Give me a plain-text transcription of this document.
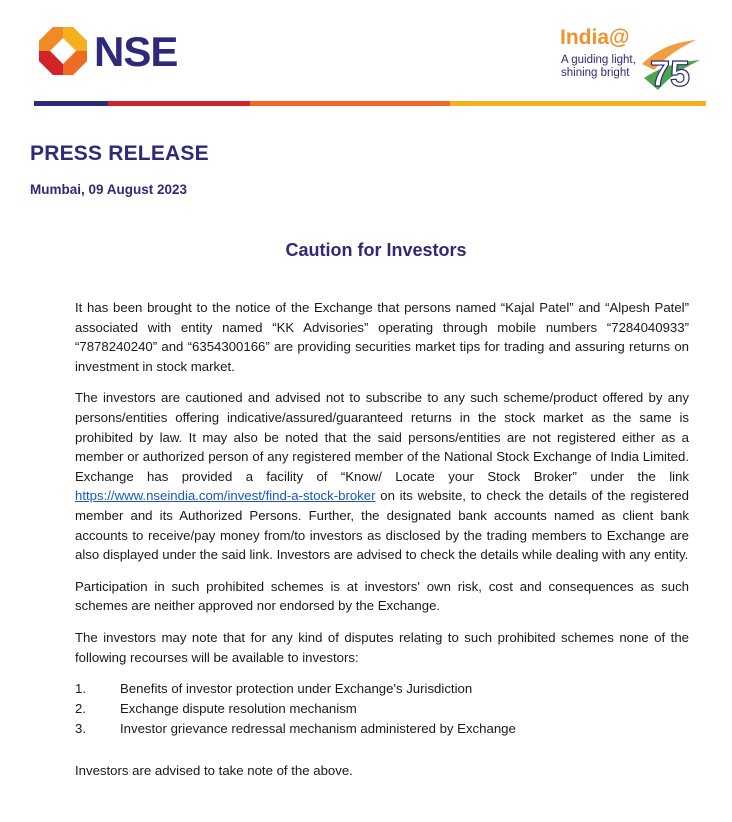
NSE	75
India@
A guiding light,
shining bright
PRESS RELEASE
Mumbai, 09 August 2023
Caution for Investors

It has been brought to the notice of the Exchange that persons named “Kajal Patel” and “Alpesh Patel” associated with entity named “KK Advisories” operating through mobile numbers “7284040933” “7878240240” and “6354300166” are providing securities market tips for trading and assuring returns on investment in stock market.

The investors are cautioned and advised not to subscribe to any such scheme/product offered by any persons/entities offering indicative/assured/guaranteed returns in the stock market as the same is prohibited by law. It may also be noted that the said persons/entities are not registered either as a member or authorized person of any registered member of the National Stock Exchange of India Limited. Exchange has provided a facility of “Know/ Locate your Stock Broker” under the link https://www.nseindia.com/invest/find-a-stock-broker on its website, to check the details of the registered member and its Authorized Persons. Further, the designated bank accounts named as client bank accounts to receive/pay money from/to investors as disclosed by the trading members to Exchange are also displayed under the said link. Investors are advised to check the details while dealing with any entity.

Participation in such prohibited schemes is at investors' own risk, cost and consequences as such schemes are neither approved nor endorsed by the Exchange.

The investors may note that for any kind of disputes relating to such prohibited schemes none of the following recourses will be available to investors:

1.	Benefits of investor protection under Exchange's Jurisdiction
2.	Exchange dispute resolution mechanism
3.	Investor grievance redressal mechanism administered by Exchange

Investors are advised to take note of the above.
